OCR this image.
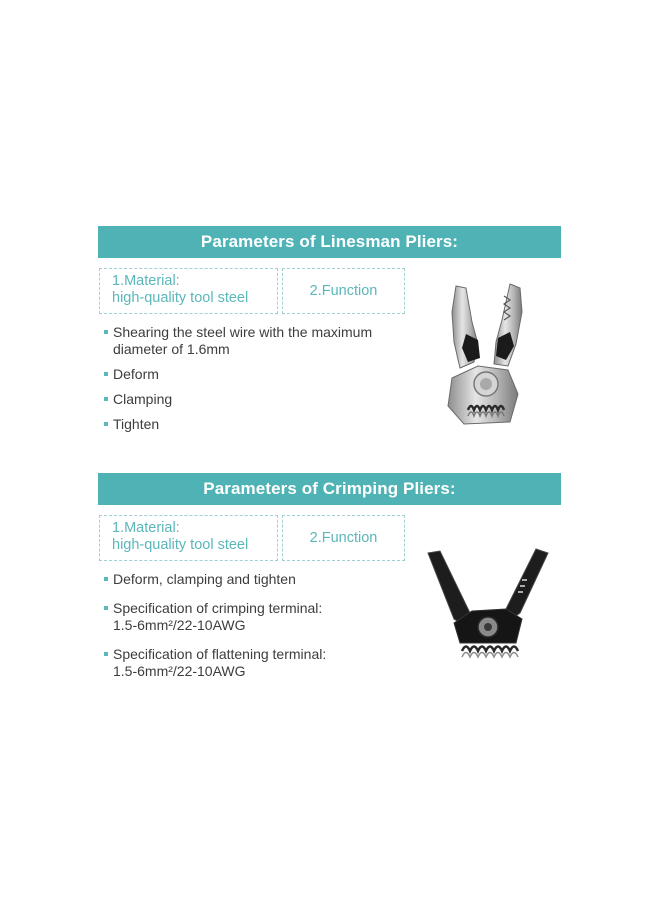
Parameters of Linesman Pliers:
1.Material:
high-quality tool steel	2.Function
Shearing the steel wire with the maximum
diameter of 1.6mm
Deform
Clamping
Tighten
Parameters of Crimping Pliers:
1.Material:
high-quality tool steel	2.Function
Deform, clamping and tighten
Specification of crimping terminal:
1.5-6mm²/22-10AWG
Specification of flattening terminal:
1.5-6mm²/22-10AWG
